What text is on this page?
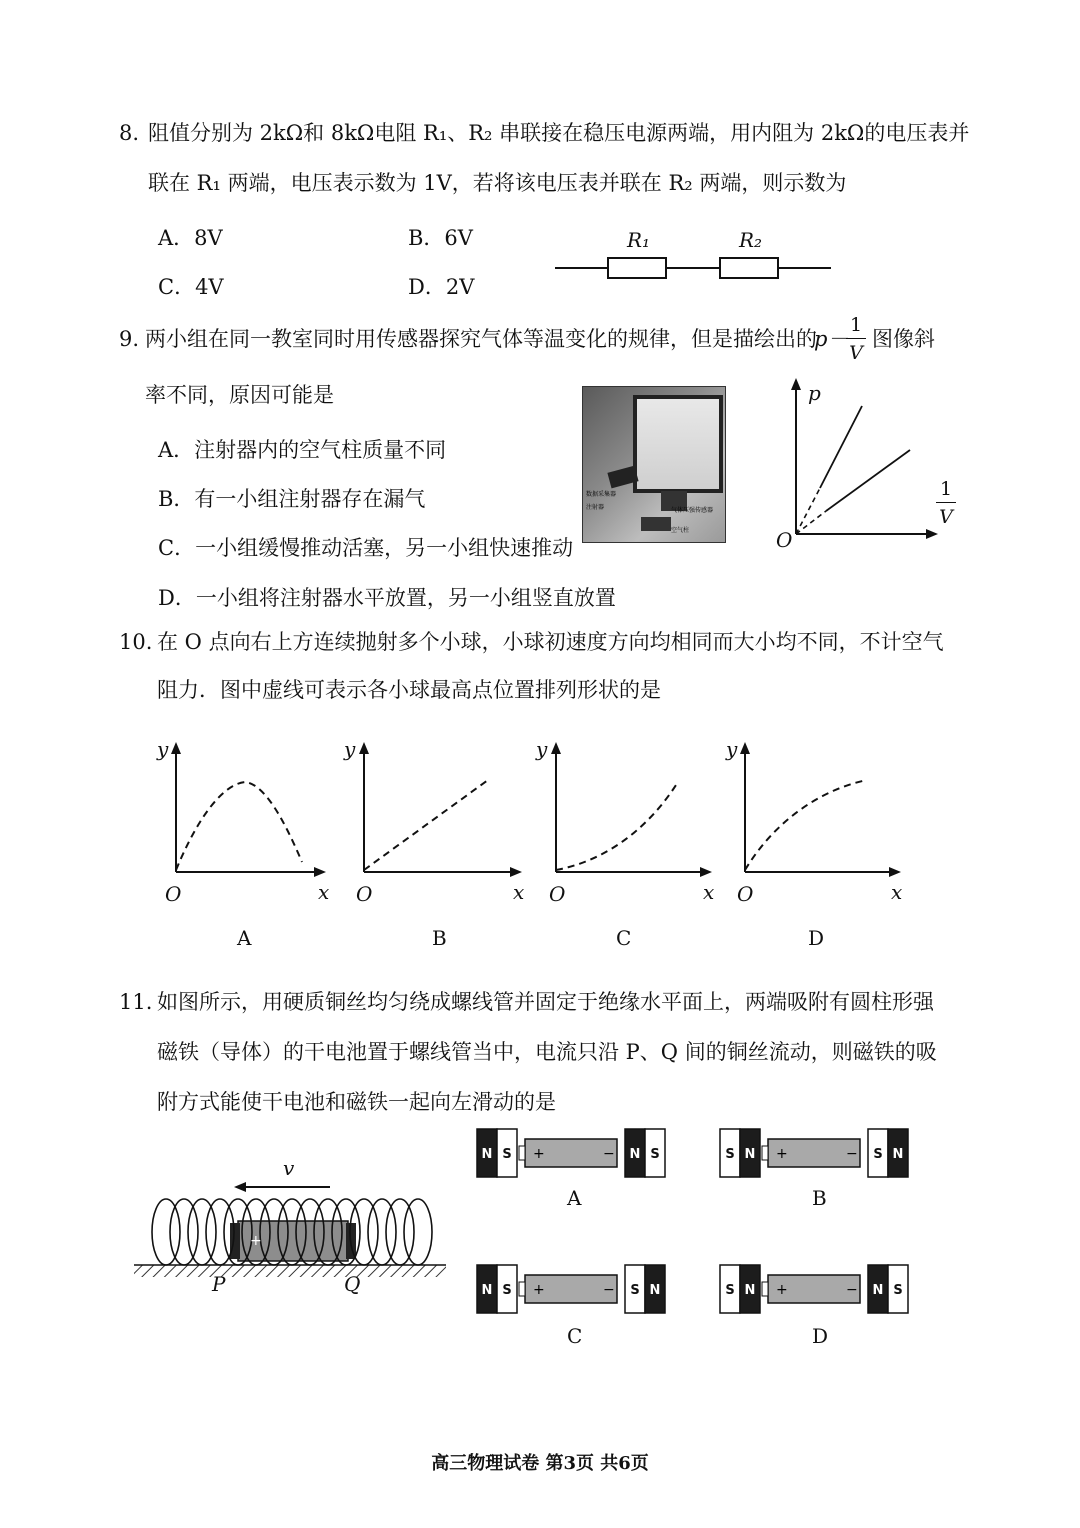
8. 阻值分别为 2kΩ和 8kΩ电阻 R₁、R₂ 串联接在稳压电源两端，用内阻为 2kΩ的电压表并
联在 R₁ 两端，电压表示数为 1V，若将该电压表并联在 R₂ 两端，则示数为
A．8V	B．6V
C．4V	D．2V
R₁	R₂
9. 两小组在同一教室同时用传感器探究气体等温变化的规律，但是描绘出的
p－
1
V
图像斜
率不同，原因可能是
A．注射器内的空气柱质量不同
B．有一小组注射器存在漏气
C．一小组缓慢推动活塞，另一小组快速推动
D．一小组将注射器水平放置，另一小组竖直放置
数据采集器
注射器	气体压强传感器
空气柱
p
O
1
V
10. 在 O 点向右上方连续抛射多个小球，小球初速度方向均相同而大小均不同，不计空气
阻力．图中虚线可表示各小球最高点位置排列形状的是
y
O	x
A
y
O	x
B
y
O	x
C
y
O	x
D
11. 如图所示，用硬质铜丝均匀绕成螺线管并固定于绝缘水平面上，两端吸附有圆柱形强
磁铁（导体）的干电池置于螺线管当中，电流只沿 P、Q 间的铜丝流动，则磁铁的吸
附方式能使干电池和磁铁一起向左滑动的是
+
v
P	Q
N S +	− N S	S N +	− S N
N S +	− S N	S N +	− N S
A	B
C	D
高三物理试卷 第3页 共6页
